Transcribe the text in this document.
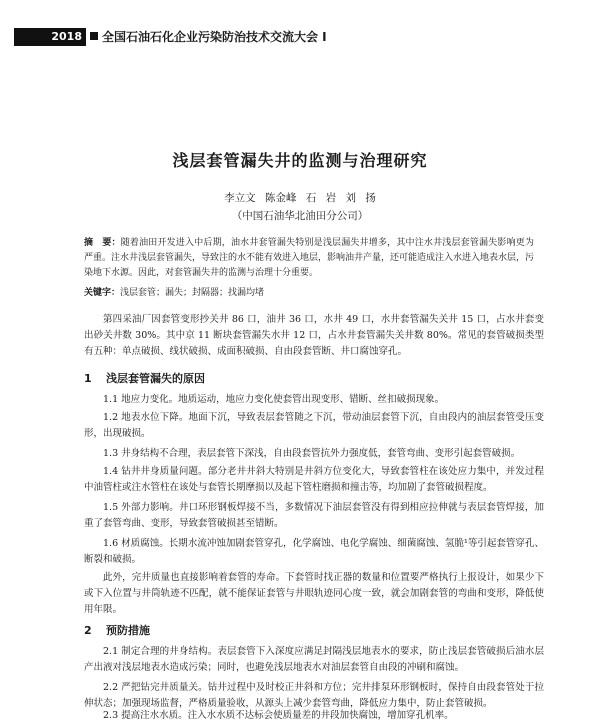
2018	全国石油石化企业污染防治技术交流大会 I
浅层套管漏失井的监测与治理研究
李立文 陈金峰 石 岩 刘 扬
（中国石油华北油田分公司）
摘　要：随着油田开发进入中后期，油水井套管漏失特别是浅层漏失井增多，其中注水井浅层套管漏失影响更为严重。注水井浅层套管漏失，导致注的水不能有效进入地层，影响油井产量，还可能造成注入水进入地表水层，污染地下水源。因此，对套管漏失井的监测与治理十分重要。
关键字：浅层套管；漏失；封隔器；找漏均堵
第四采油厂因套管变形抄关井 86 口，油井 36 口，水井 49 口，水井套管漏失关井 15 口，占水井套变出砂关井数 30%。其中京 11 断块套管漏失水井 12 口，占水井套管漏失关井数 80%。常见的套管破损类型有五种：单点破损、线状破损、成面积破损、自由段套管断、井口腐蚀穿孔。
1 浅层套管漏失的原因
1.1 地应力变化。地质运动，地应力变化使套管出现变形、错断、丝扣破损现象。
1.2 地表水位下降。地面下沉，导致表层套管随之下沉，带动油层套管下沉，自由段内的油层套管受压变形，出现破损。
1.3 井身结构不合理，表层套管下深浅，自由段套管抗外力强度低，套管弯曲、变形引起套管破损。
1.4 钻井井身质量问题。部分老井井斜大特别是井斜方位变化大，导致套管柱在该处应力集中，并发过程中油管柱或注水管柱在该处与套管长期摩损以及起下管柱磨损和撞击等，均加剧了套管破损程度。
1.5 外部力影响。井口环形钢板焊接不当，多数情况下油层套管没有得到相应拉伸就与表层套管焊接，加重了套管弯曲、变形，导致套管破损甚至错断。
1.6 材质腐蚀。长期水流冲蚀加剧套管穿孔，化学腐蚀、电化学腐蚀、细菌腐蚀、氢脆¹等引起套管穿孔、断裂和破损。
此外，完井质量也直接影响着套管的寿命。下套管时找正器的数量和位置要严格执行上报设计，如果少下或下入位置与井筒轨迹不匹配，就不能保证套管与井眼轨迹同心度一致，就会加剧套管的弯曲和变形，降低使用年限。
2 预防措施
2.1 制定合理的井身结构。表层套管下入深度应满足封隔浅层地表水的要求，防止浅层套管破损后油水层产出液对浅层地表水造成污染；同时，也避免浅层地表水对油层套管自由段的冲刷和腐蚀。
2.2 严把钻完井质量关。钻井过程中及时校正井斜和方位；完井排泵环形钢板时，保持自由段套管处于拉伸状态；加强现场监督，严格质量验收，从源头上减少套管弯曲，降低应力集中，防止套管破损。
2.3 提高注水水质。注入水水质不达标会使质量差的井段加快腐蚀，增加穿孔机率。
